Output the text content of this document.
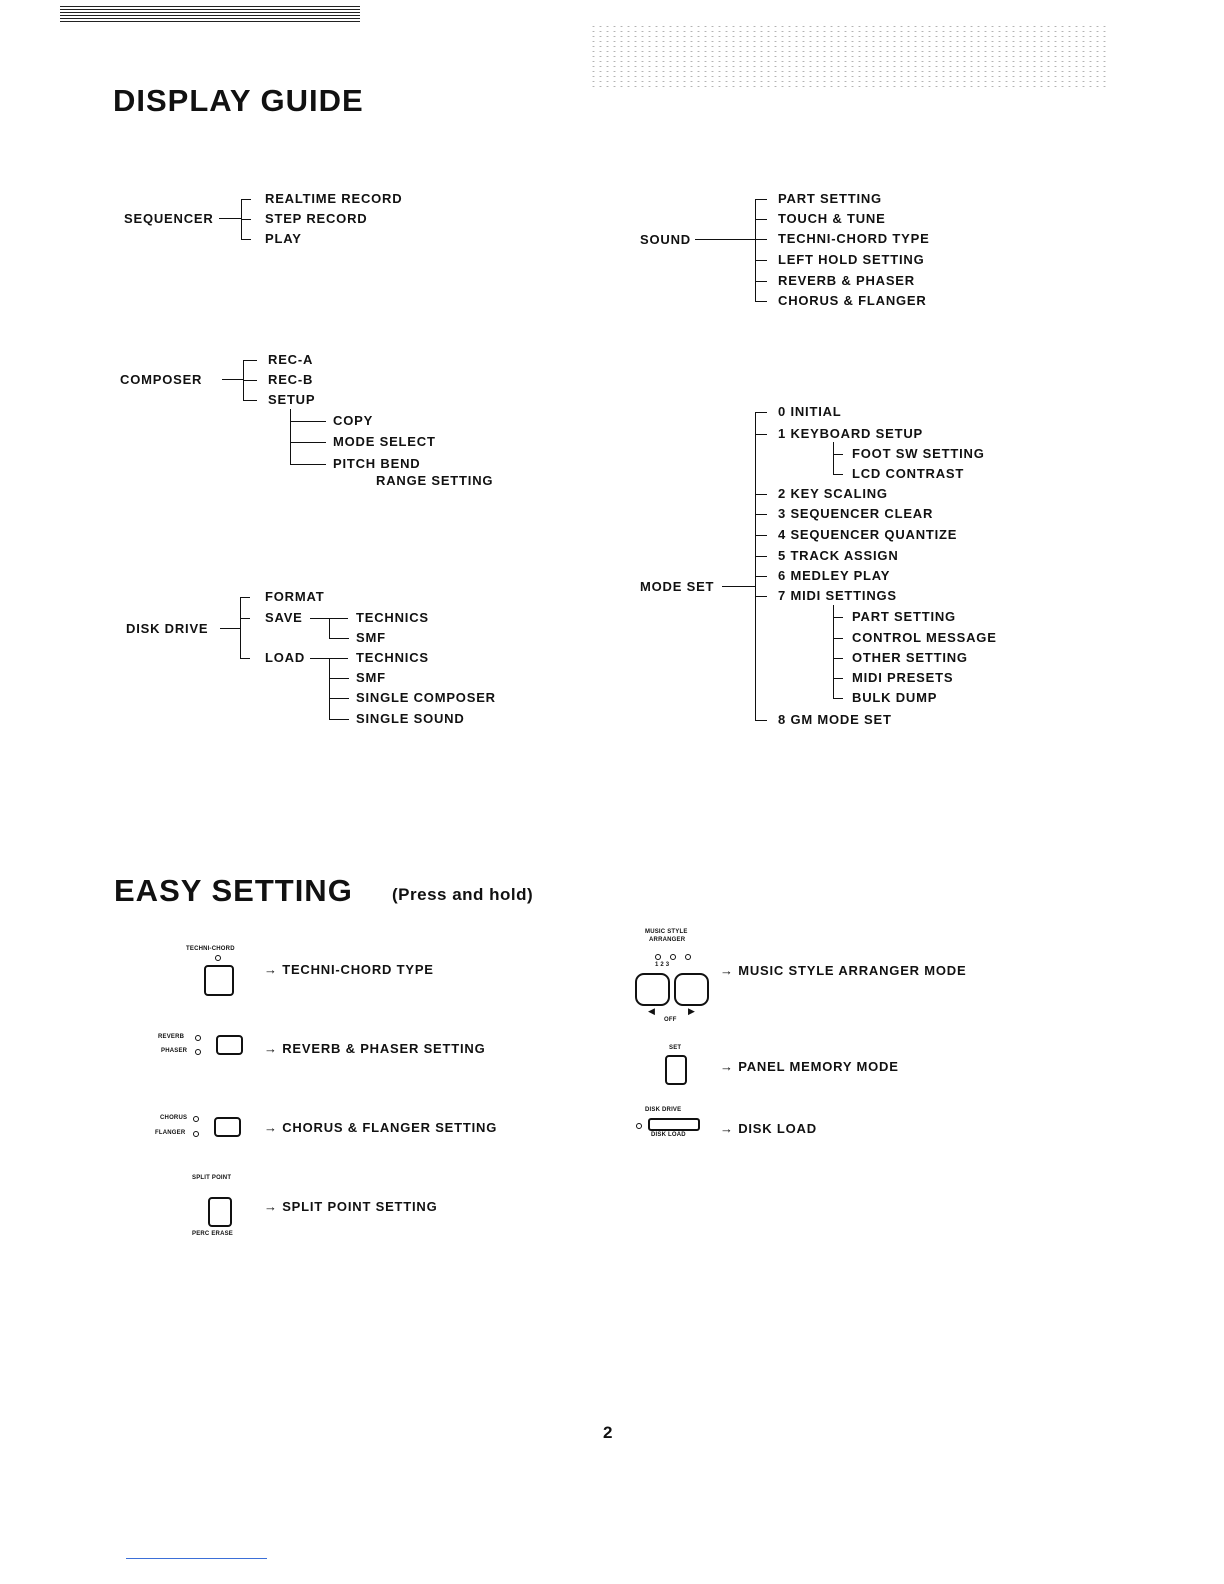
DISPLAY GUIDE
SEQUENCER
REALTIME RECORD
STEP RECORD
PLAY
COMPOSER
REC-A
REC-B
SETUP
COPY
MODE SELECT
PITCH BEND
RANGE SETTING
DISK DRIVE
FORMAT
SAVE
LOAD
TECHNICS
SMF
TECHNICS
SMF
SINGLE COMPOSER
SINGLE SOUND
SOUND
PART SETTING
TOUCH & TUNE
TECHNI-CHORD TYPE
LEFT HOLD SETTING
REVERB & PHASER
CHORUS & FLANGER
MODE SET
0 INITIAL
1 KEYBOARD SETUP
FOOT SW SETTING
LCD CONTRAST
2 KEY SCALING
3 SEQUENCER CLEAR
4 SEQUENCER QUANTIZE
5 TRACK ASSIGN
6 MEDLEY PLAY
7 MIDI SETTINGS
PART SETTING
CONTROL MESSAGE
OTHER SETTING
MIDI PRESETS
BULK DUMP
8 GM MODE SET
EASY SETTING (Press and hold)
TECHNI-CHORD
→ TECHNI-CHORD TYPE
REVERB
PHASER	→ REVERB & PHASER SETTING
CHORUS
FLANGER	→ CHORUS & FLANGER SETTING
SPLIT POINT
PERC ERASE
→ SPLIT POINT SETTING
MUSIC STYLE
ARRANGER
1 2 3
◀	▶
OFF
→ MUSIC STYLE ARRANGER MODE
SET
→ PANEL MEMORY MODE
DISK DRIVE
DISK LOAD	→ DISK LOAD
2
